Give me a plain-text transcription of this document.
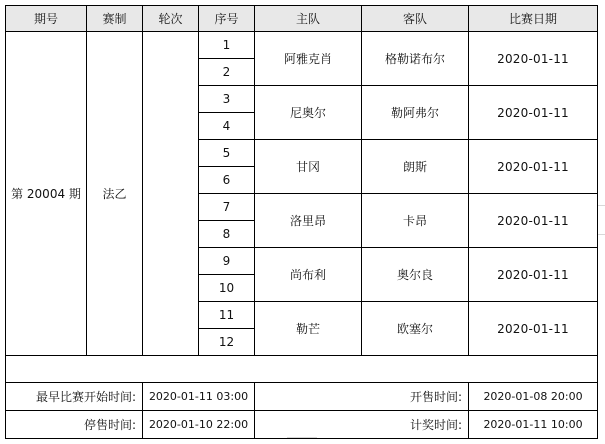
期号	赛制	轮次	序号	主队	客队	比赛日期
第 20004 期	法乙		1	阿雅克肖	格勒诺布尔	2020-01-11
			2			
			3	尼奥尔	勒阿弗尔	2020-01-11
			4			
			5	甘冈	朗斯	2020-01-11
			6			
			7	洛里昂	卡昂	2020-01-11
			8			
			9	尚布利	奥尔良	2020-01-11
			10			
			11	勒芒	欧塞尔	2020-01-11
			12			

最早比赛开始时间:		2020-01-11 03:00		开售时间:		2020-01-08 20:00
停售时间:		2020-01-10 22:00		计奖时间:		2020-01-11 10:00
